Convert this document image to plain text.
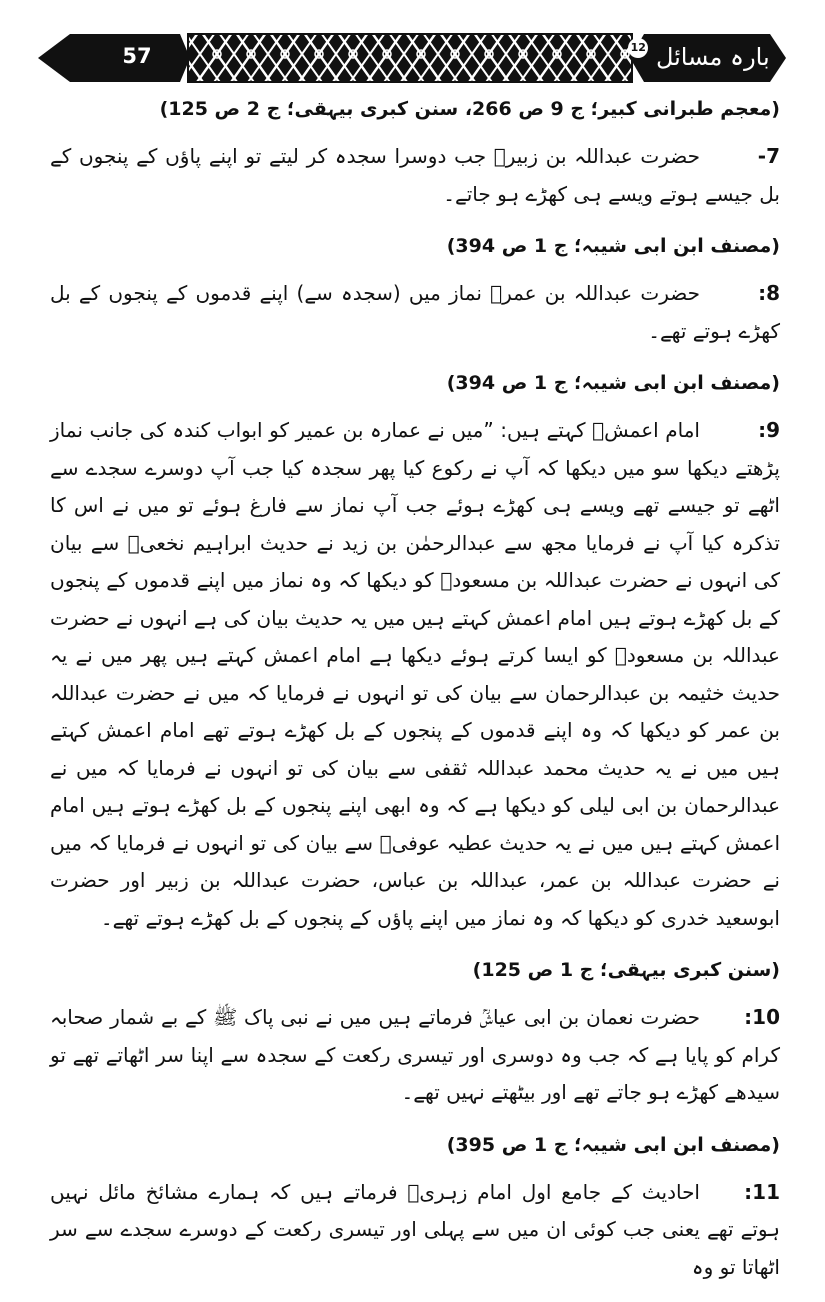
57	بارہ مسائل 12

(معجم طبرانی کبیر؛ ج 9 ص 266، سنن کبری بیہقی؛ ج 2 ص 125)

7-حضرت عبداللہ بن زبیرؓ جب دوسرا سجدہ کر لیتے تو اپنے پاؤں کے پنجوں کے بل جیسے ہوتے ویسے ہی کھڑے ہو جاتے۔

(مصنف ابن ابی شیبہ؛ ج 1 ص 394)

8:حضرت عبداللہ بن عمرؓ نماز میں (سجدہ سے) اپنے قدموں کے پنجوں کے بل کھڑے ہوتے تھے۔

(مصنف ابن ابی شیبہ؛ ج 1 ص 394)

9:امام اعمشؒ کہتے ہیں: ”میں نے عمارہ بن عمیر کو ابواب کندہ کی جانب نماز پڑھتے دیکھا سو میں دیکھا کہ آپ نے رکوع کیا پھر سجدہ کیا جب آپ دوسرے سجدے سے اٹھے تو جیسے تھے ویسے ہی کھڑے ہوئے جب آپ نماز سے فارغ ہوئے تو میں نے اس کا تذکرہ کیا آپ نے فرمایا مجھ سے عبدالرحمٰن بن زید نے حدیث ابراہیم نخعیؒ سے بیان کی انہوں نے حضرت عبداللہ بن مسعودؓ کو دیکھا کہ وہ نماز میں اپنے قدموں کے پنجوں کے بل کھڑے ہوتے ہیں امام اعمش کہتے ہیں میں یہ حدیث بیان کی ہے انہوں نے حضرت عبداللہ بن مسعودؓ کو ایسا کرتے ہوئے دیکھا ہے امام اعمش کہتے ہیں پھر میں نے یہ حدیث خثیمہ بن عبدالرحمان سے بیان کی تو انہوں نے فرمایا کہ میں نے حضرت عبداللہ بن عمر کو دیکھا کہ وہ اپنے قدموں کے پنجوں کے بل کھڑے ہوتے تھے امام اعمش کہتے ہیں میں نے یہ حدیث محمد عبداللہ ثقفی سے بیان کی تو انہوں نے فرمایا کہ میں نے عبدالرحمان بن ابی لیلی کو دیکھا ہے کہ وہ ابھی اپنے پنجوں کے بل کھڑے ہوتے ہیں امام اعمش کہتے ہیں میں نے یہ حدیث عطیہ عوفیؒ سے بیان کی تو انہوں نے فرمایا کہ میں نے حضرت عبداللہ بن عمر، عبداللہ بن عباس، حضرت عبداللہ بن زبیر اور حضرت ابوسعید خدری کو دیکھا کہ وہ نماز میں اپنے پاؤں کے پنجوں کے بل کھڑے ہوتے تھے۔

(سنن کبری بیہقی؛ ج 1 ص 125)

10:حضرت نعمان بن ابی عیاشؒ فرماتے ہیں میں نے نبی پاک ﷺ کے بے شمار صحابہ کرام کو پایا ہے کہ جب وہ دوسری اور تیسری رکعت کے سجدہ سے اپنا سر اٹھاتے تھے تو سیدھے کھڑے ہو جاتے تھے اور بیٹھتے نہیں تھے۔

(مصنف ابن ابی شیبہ؛ ج 1 ص 395)

11:احادیث کے جامع اول امام زہریؒ فرماتے ہیں کہ ہمارے مشائخ مائل نہیں ہوتے تھے یعنی جب کوئی ان میں سے پہلی اور تیسری رکعت کے دوسرے سجدے سے سر اٹھاتا تو وہ
